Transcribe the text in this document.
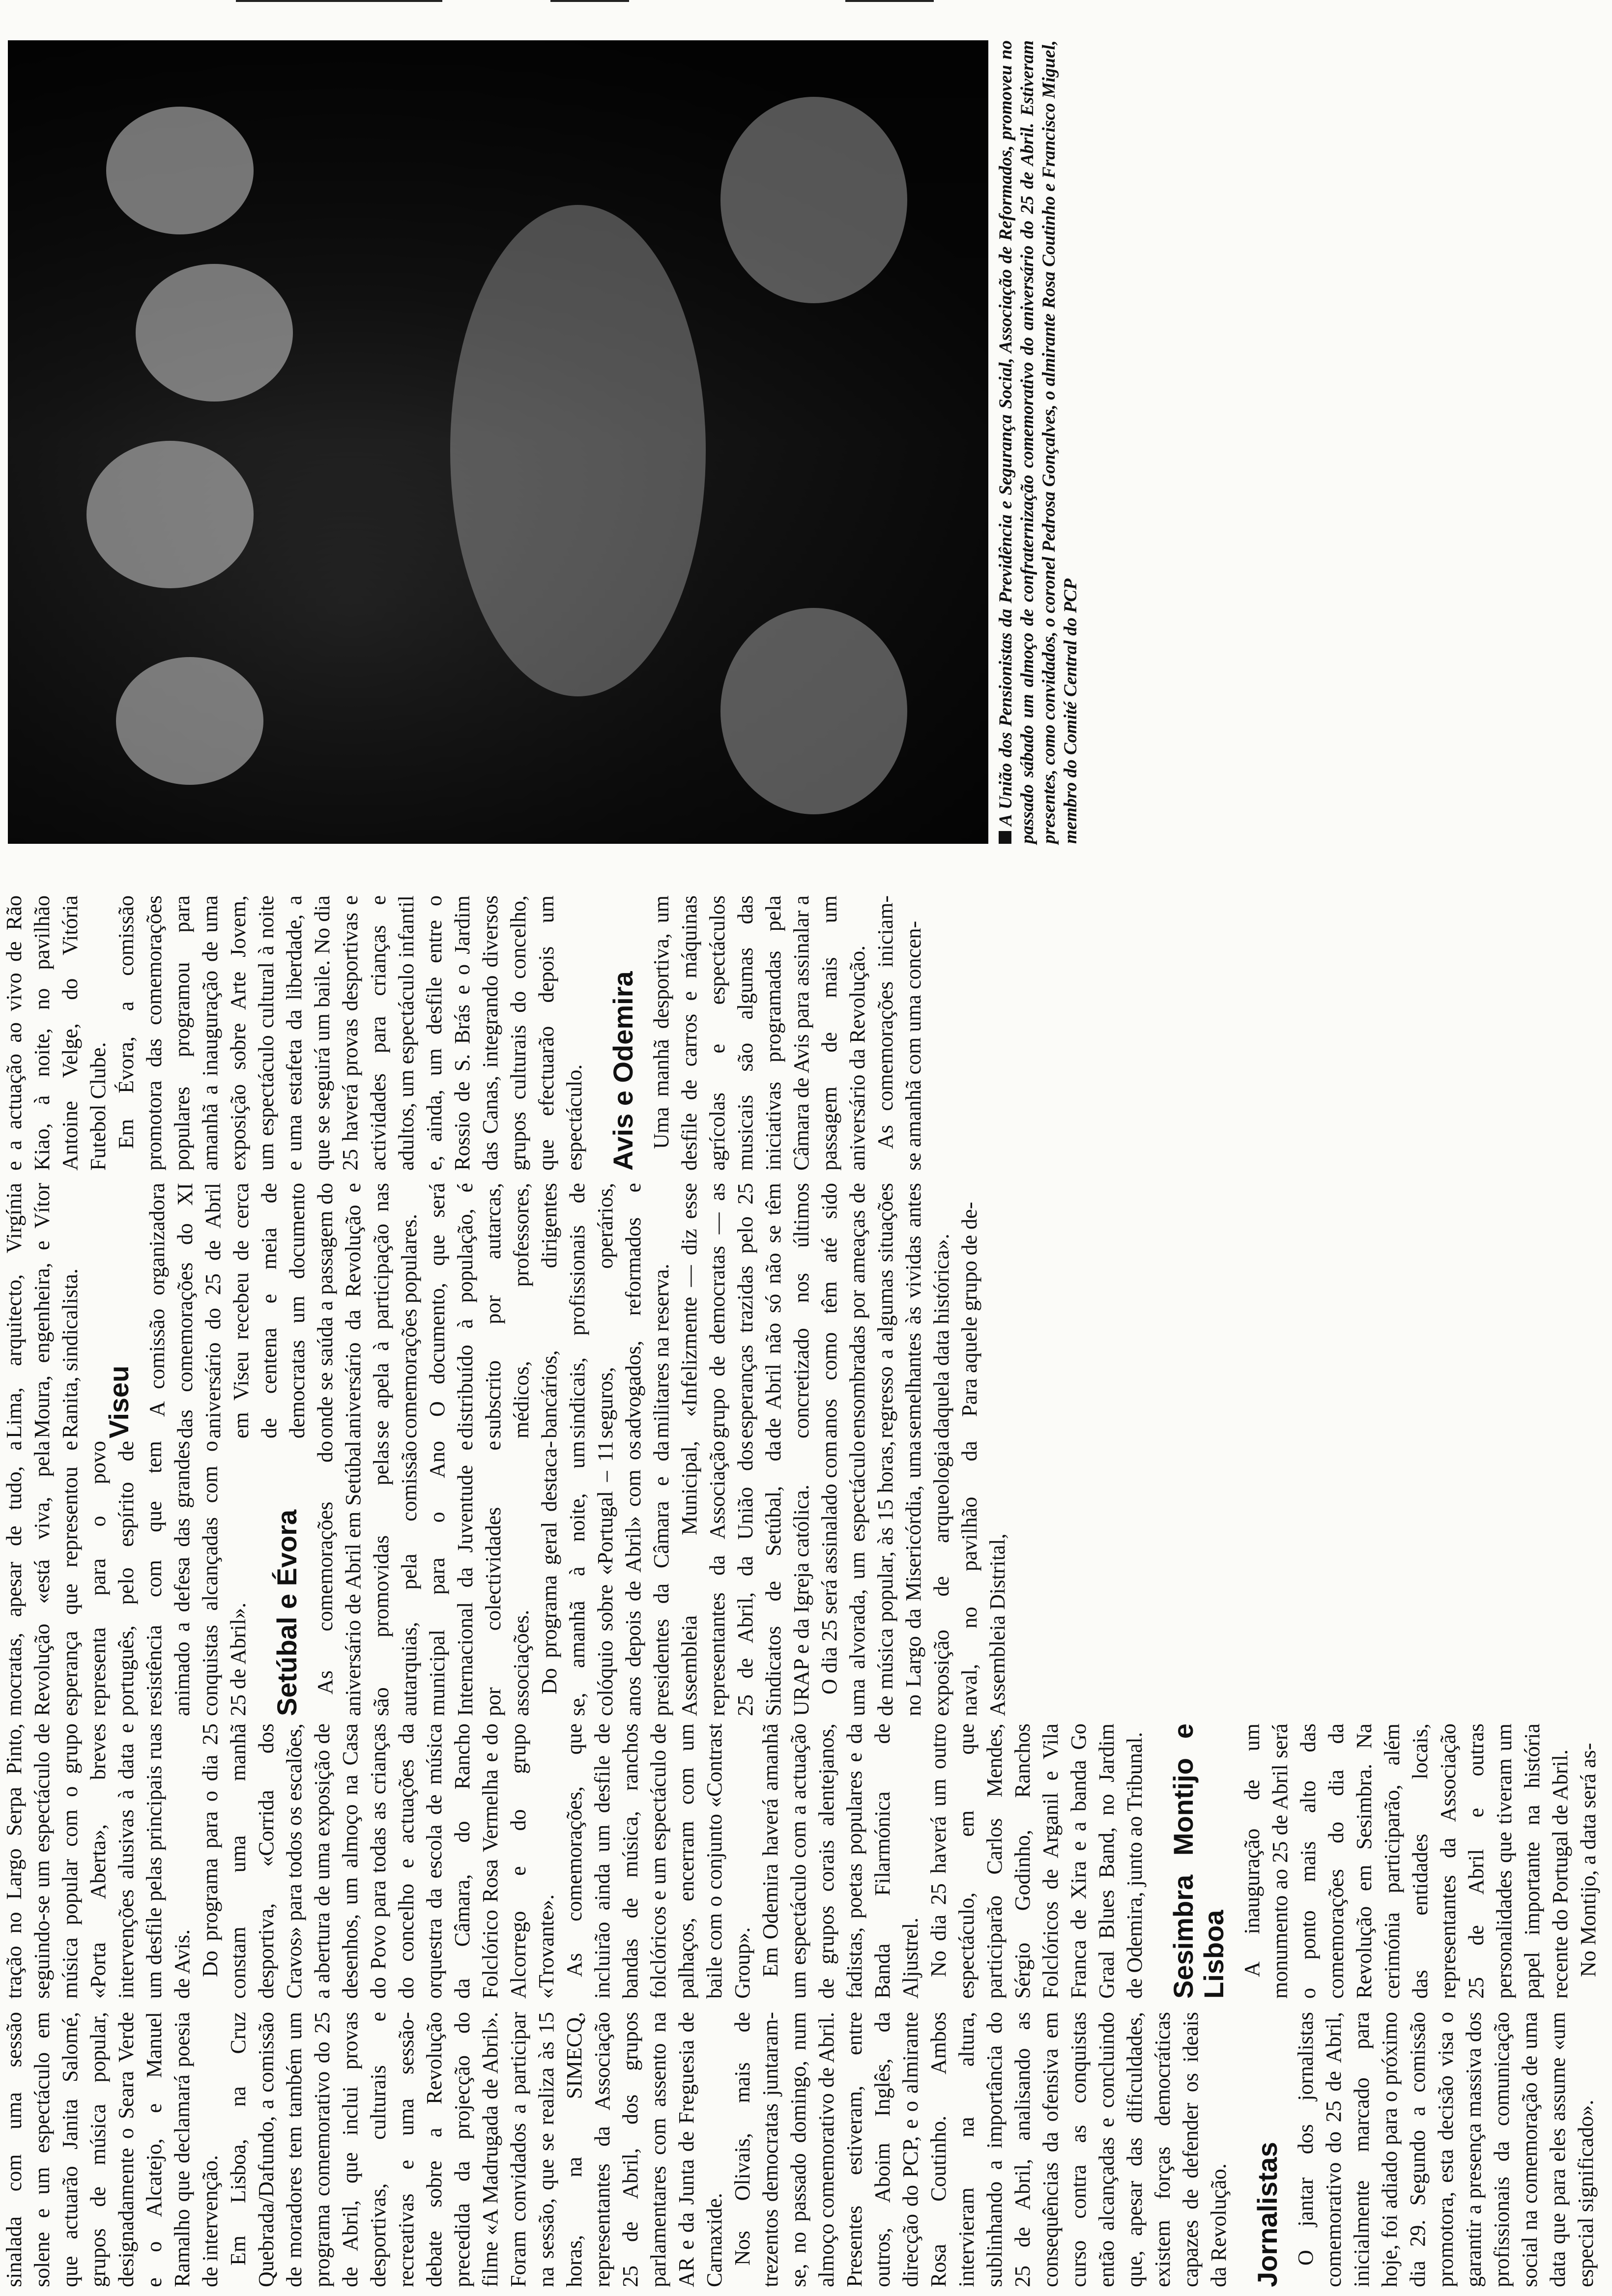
sinalada com uma sessão solene e um espectáculo em que actuarão Janita Salomé, grupos de música popular, designadamente o Seara Verde e o Alcatejo, e Manuel Ramalho que declamará poesia de intervenção. Em Lisboa, na Cruz Quebrada/Dafundo, a comissão de moradores tem também um programa comemorativo do 25 de Abril, que inclui provas desportivas, culturais e recreativas e uma sessão-debate sobre a Revolução precedida da projecção do filme «A Madrugada de Abril». Foram convidados a participar na sessão, que se realiza às 15 horas, na SIMECQ, representantes da Associação 25 de Abril, dos grupos parlamentares com assento na AR e da Junta de Freguesia de Carnaxide. Nos Olivais, mais de trezentos democratas juntaram-se, no passado domingo, num almoço comemorativo de Abril. Presentes estiveram, entre outros, Aboim Inglês, da direcção do PCP, e o almirante Rosa Coutinho. Ambos intervieram na altura, sublinhando a importância do 25 de Abril, analisando as consequências da ofensiva em curso contra as conquistas então alcançadas e concluindo que, apesar das dificuldades, existem forças democráticas capazes de defender os ideais da Revolução. Jornalistas O jantar dos jornalistas comemorativo do 25 de Abril, inicialmente marcado para hoje, foi adiado para o próximo dia 29. Segundo a comissão promotora, esta decisão visa o garantir a presença massiva dos profissionais da comunicação social na comemoração de uma data que para eles assume «um especial significado».

tração no Largo Serpa Pinto, seguindo-se um espectáculo de música popular com o grupo «Porta Aberta», breves intervenções alusivas à data e um desfile pelas principais ruas de Avis. Do programa para o dia 25 constam uma manhã desportiva, «Corrida dos Cravos» para todos os escalões, a abertura de uma exposição de desenhos, um almoço na Casa do Povo para todas as crianças do concelho e actuações da orquestra da escola de música da Câmara, do Rancho Folclórico Rosa Vermelha e do Alcorrego e do grupo «Trovante». As comemorações, que incluirão ainda um desfile de bandas de música, ranchos folclóricos e um espectáculo de palhaços, encerram com um baile com o conjunto «Contrast Group». Em Odemira haverá amanhã um espectáculo com a actuação de grupos corais alentejanos, fadistas, poetas populares e da Banda Filarmónica de Aljustrel. No dia 25 haverá um outro espectáculo, em que participarão Carlos Mendes, Sérgio Godinho, Ranchos Folclóricos de Arganil e Vila Franca de Xira e a banda Go Graal Blues Band, no Jardim de Odemira, junto ao Tribunal. Sesimbra Montijo e Lisboa A inauguração de um monumento ao 25 de Abril será o ponto mais alto das comemorações do dia da Revolução em Sesimbra. Na cerimónia participarão, além das entidades locais, representantes da Associação 25 de Abril e outras personalidades que tiveram um papel importante na história recente do Portugal de Abril. No Montijo, a data será as-

e a actuação ao vivo de Rão Kiao, à noite, no pavilhão Antoine Velge, do Vitória Futebol Clube. Em Évora, a comissão promotora das comemorações populares programou para amanhã a inauguração de uma exposição sobre Arte Jovem, um espectáculo cultural à noite e uma estafeta da liberdade, a que se seguirá um baile. No dia 25 haverá provas desportivas e actividades para crianças e adultos, um espectáculo infantil e, ainda, um desfile entre o Rossio de S. Brás e o Jardim das Canas, integrando diversos grupos culturais do concelho, que efectuarão depois um espectáculo. Avis e Odemira Uma manhã desportiva, um desfile de carros e máquinas agrícolas e espectáculos musicais são algumas das iniciativas programadas pela Câmara de Avis para assinalar a passagem de mais um aniversário da Revolução. As comemorações iniciam-se amanhã com uma concen-

mocratas, apesar de tudo, a Revolução «está viva, pela esperança que representou e representa para o povo português, pelo espírito de resistência com que tem animado a defesa das grandes conquistas alcançadas com o 25 de Abril». Setúbal e Évora As comemorações do aniversário de Abril em Setúbal são promovidas pelas autarquias, pela comissão municipal para o Ano Internacional da Juventude e por colectividades e associações. Do programa geral destaca-se, amanhã à noite, um colóquio sobre «Portugal – 11 anos depois de Abril» com os presidentes da Câmara e da Assembleia Municipal, representantes da Associação 25 de Abril, da União dos Sindicatos de Setúbal, da URAP e da Igreja católica. O dia 25 será assinalado com uma alvorada, um espectáculo de música popular, às 15 horas, no Largo da Misericórdia, uma exposição de arqueologia naval, no pavilhão da Assembleia Distrital,

Lima, arquitecto, Virgínia Moura, engenheira, e Vítor Ranita, sindicalista. Viseu A comissão organizadora das comemorações do XI aniversário do 25 de Abril em Viseu recebeu de cerca de centena e meia de democratas um documento onde se saúda a passagem do aniversário da Revolução e se apela à participação nas comemorações populares. O documento, que será distribuído à população, é subscrito por autarcas, médicos, professores, bancários, dirigentes sindicais, profissionais de seguros, operários, advogados, reformados e militares na reserva. «Infelizmente — diz esse grupo de democratas — as esperanças trazidas pelo 25 de Abril não só não se têm concretizado nos últimos anos como têm até sido ensombradas por ameaças de regresso a algumas situações semelhantes às vividas antes daquela data histórica». Para aquele grupo de de-

A União dos Pensionistas da Previdência e Segurança Social, Associação de Reformados, promoveu no passado sábado um almoço de confraternização comemorativo do aniversário do 25 de Abril. Estiveram presentes, como convidados, o coronel Pedrosa Gonçalves, o almirante Rosa Coutinho e Francisco Miguel, membro do Comité Central do PCP
